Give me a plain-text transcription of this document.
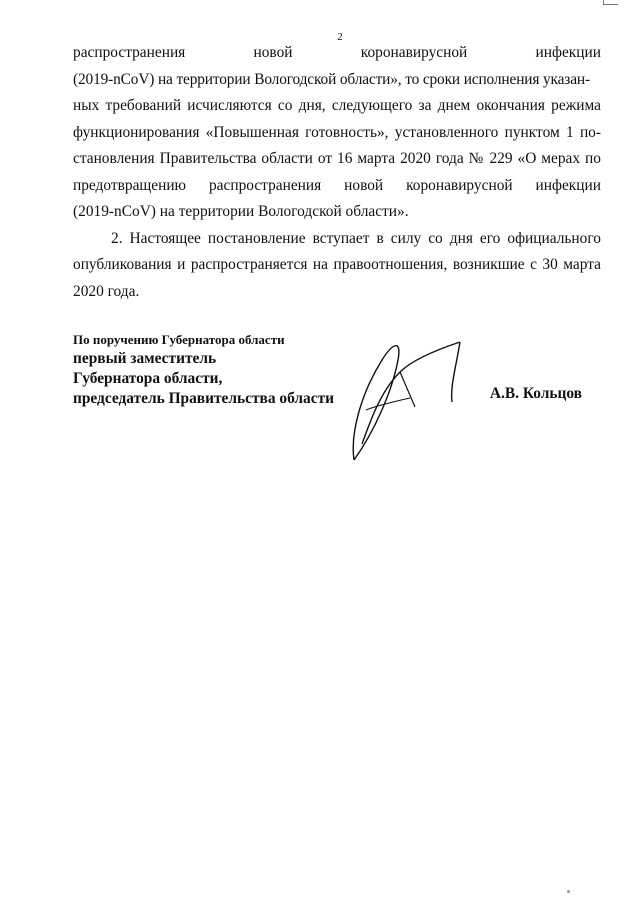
2
распространения новой коронавирусной инфекции
(2019-nCoV) на территории Вологодской области», то сроки исполнения указан-
ных требований исчисляются со дня, следующего за днем окончания режима
функционирования «Повышенная готовность», установленного пунктом 1 по-
становления Правительства области от 16 марта 2020 года № 229 «О мерах по
предотвращению распространения новой коронавирусной инфекции
(2019-nCoV) на территории Вологодской области».
2. Настоящее постановление вступает в силу со дня его официального
опубликования и распространяется на правоотношения, возникшие с 30 марта
2020 года.
По поручению Губернатора области
первый заместитель
Губернатора области,
председатель Правительства области	А.В. Кольцов
